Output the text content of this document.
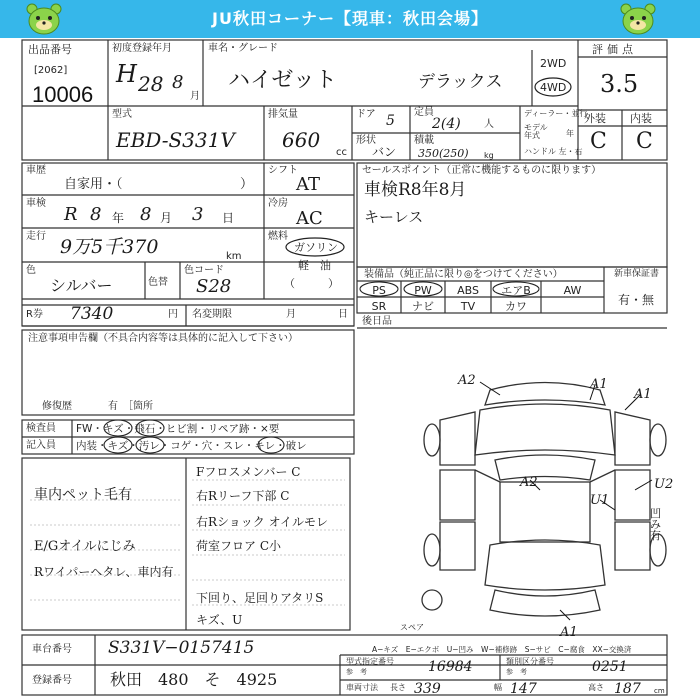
JU秋田コーナー【現車：秋田会場】
出品番号
[2062]
10006
初度登録年月
H 28 8
月
車名・グレード
ハイゼット	デラックス
2WD
4WD
評価点
3.5
型式
EBD-S331V
排気量
660
cc
ドア 5
定員
2(4) 人
形状
バン
積載
350(250) kg
ディーラー・並行
モデル年式	年
ハンドル 左・右
外装 内装
C C
車歴
自家用・（	）
シフト
AT
車検
R 8 年 8 月 3 日
冷房
AC
走行 9万5千370	km
燃料
ガソリン
軽　油
（　　　）
色
シルバー	色替
色コード
S28
R券 7340	円 名変期限	月	日
注意事項申告欄（不具合内容等は具体的に記入して下さい）
修復歴	有　［箇所
検査員
記入員
FW・キズ・飛石・ヒビ割・リペア跡・×要
内装・キズ・汚レ・コゲ・穴・スレ・キレ・破レ
セールスポイント（正常に機能するものに限ります）
車検R8年8月
キーレス
装備品（純正品に限り◎をつけてください）	新車保証書
有・無
PS	PW	ABS	エアB	AW
SR	ナビ	TV	カワ
後日品
A2	A1
A1
A2	U2
U1
A1
凹み有
スペア
A−キズ　E−エクボ　U−凹み　W−補修跡　S−サビ　C−腐食　XX−交換済
車内ペット毛有
E/Gオイルにじみ
Rワイパーヘタレ、車内有
Fフロスメンバー C
右Rリーフ下部 C
右Rショック オイルモレ
荷室フロア C小
下回り、足回りアタリS
キズ、U
車台番号 S331V−0157415
登録番号 秋田　480　そ　4925
型式指定番号
参　考	16984	類別区分番号
参　考	0251
車両寸法 長さ 339	幅 147	高さ 187 cm
